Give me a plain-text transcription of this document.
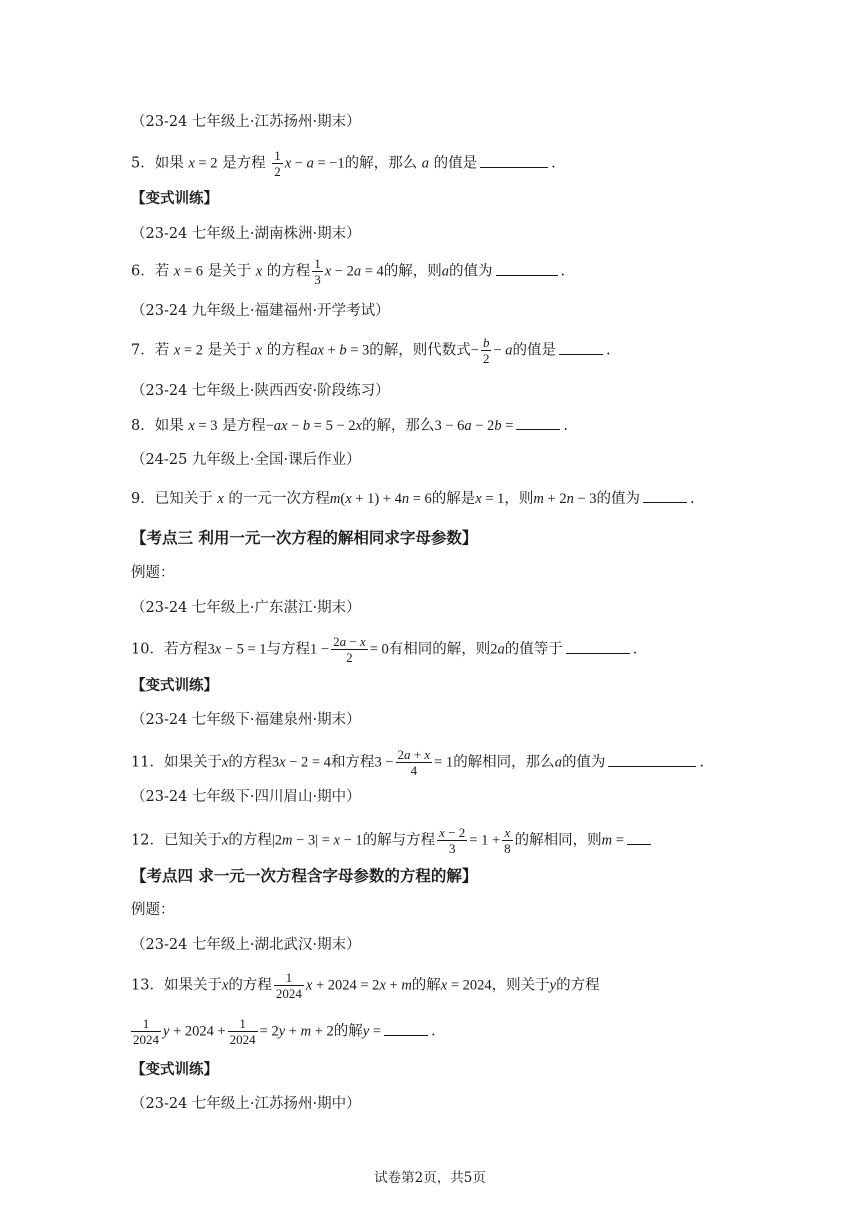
（23-24 七年级上·江苏扬州·期末）
5．如果 x = 2 是方程 $\frac{1}{2}$ x − a = −1的解，那么 a 的值是	.
【变式训练】
（23-24 七年级上·湖南株洲·期末）
6．若 x = 6 是关于 x 的方程 $\frac{1}{3}$ x − 2a = 4的解，则a的值为	.
（23-24 九年级上·福建福州·开学考试）
7．若 x = 2 是关于 x 的方程ax + b = 3的解，则代数式− $\frac{b}{2} - a$的值是	.
（23-24 七年级上·陕西西安·阶段练习）
8．如果 x = 3 是方程−ax − b = 5 − 2x的解，那么3 − 6a − 2b =	.
（24-25 九年级上·全国·课后作业）
9．已知关于 x 的一元一次方程m(x + 1) + 4n = 6的解是x = 1，则m + 2n − 3的值为	.
【考点三 利用一元一次方程的解相同求字母参数】
例题：
（23-24 七年级上·广东湛江·期末）
10．若方程3x − 5 = 1与方程$1 - \frac{2a - x}{2} = 0$有相同的解，则2a的值等于	.
【变式训练】
（23-24 七年级下·福建泉州·期末）
11．如果关于x的方程3x − 2 = 4和方程$3 - \frac{2a + x}{4} = 1$的解相同，那么a的值为	.
（23-24 七年级下·四川眉山·期中）
12．已知关于x的方程|2m − 3| = x − 1的解与方程 $\frac{x - 2}{3} = 1 + \frac{x}{8}$ 的解相同，则m =
【考点四 求一元一次方程含字母参数的方程的解】
例题：
（23-24 七年级上·湖北武汉·期末）
13．如果关于x的方程 $\frac{1}{2024}$ x + 2024 = 2x + m的解x = 2024，则关于y的方程
$\frac{1}{2024}$ $y + 2024 + \frac{1}{2024} = 2y + m + 2$的解y =	.
【变式训练】
（23-24 七年级上·江苏扬州·期中）
试卷第2页，共5页
